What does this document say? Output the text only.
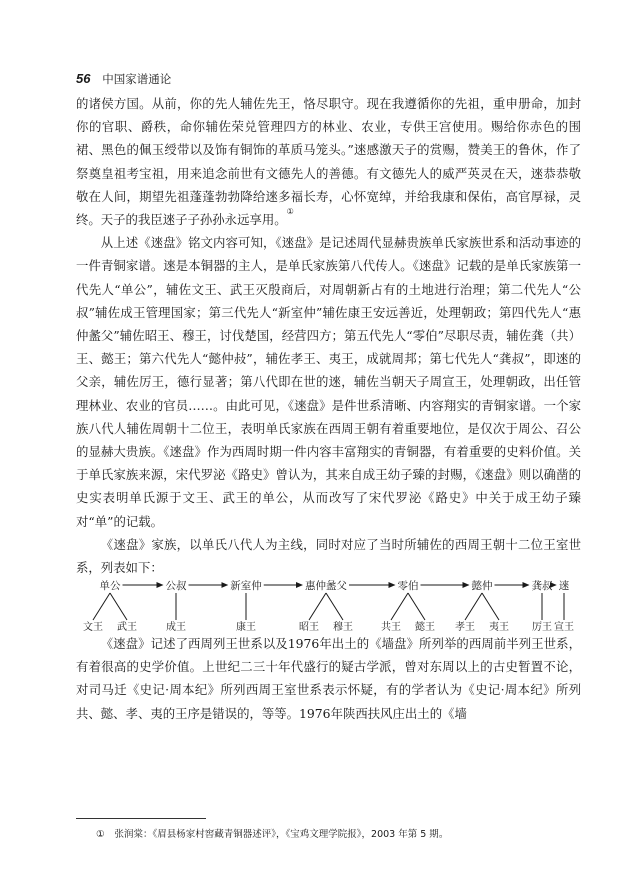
56 中国家谱通论

的诸侯方国。从前，你的先人辅佐先王，恪尽职守。现在我遵循你的先祖，重申册命，加封你的官职、爵秩，命你辅佐荣兑管理四方的林业、农业，专供王宫使用。赐给你赤色的围裙、黑色的佩玉绶带以及饰有铜饰的革质马笼头。”逨感激天子的赏赐，赞美王的鲁休，作了祭奠皇祖考宝祖，用来追念前世有文德先人的善德。有文德先人的威严英灵在天，逨恭恭敬敬在人间，期望先祖蓬蓬勃勃降给逨多福长寿，心怀宽绰，并给我康和保佑，高官厚禄，灵终。天子的我臣逨子子孙孙永远享用。①

从上述《逨盘》铭文内容可知，《逨盘》是记述周代显赫贵族单氏家族世系和活动事迹的一件青铜家谱。逨是本铜器的主人，是单氏家族第八代传人。《逨盘》记载的是单氏家族第一代先人“单公”，辅佐文王、武王灭殷商后，对周朝新占有的土地进行治理；第二代先人“公叔”辅佐成王管理国家；第三代先人“新室仲”辅佐康王安远善近，处理朝政；第四代先人“惠仲盠父”辅佐昭王、穆王，讨伐楚国，经营四方；第五代先人“零伯”尽职尽责，辅佐龚（共）王、懿王；第六代先人“懿仲敊”，辅佐孝王、夷王，成就周邦；第七代先人“龚叔”，即逨的父亲，辅佐厉王，德行显著；第八代即在世的逨，辅佐当朝天子周宣王，处理朝政，出任管理林业、农业的官员……。由此可见，《逨盘》是件世系清晰、内容翔实的青铜家谱。一个家族八代人辅佐周朝十二位王，表明单氏家族在西周王朝有着重要地位，是仅次于周公、召公的显赫大贵族。《逨盘》作为西周时期一件内容丰富翔实的青铜器，有着重要的史料价值。关于单氏家族来源，宋代罗泌《路史》曾认为，其来自成王幼子臻的封赐，《逨盘》则以确凿的史实表明单氏源于文王、武王的单公，从而改写了宋代罗泌《路史》中关于成王幼子臻对“单”的记载。

《逨盘》家族，以单氏八代人为主线，同时对应了当时所辅佐的西周王朝十二位王室世系，列表如下：

单公
文王 武王
公叔
成王
新室仲
康王
惠仲盠父
昭王 穆王
零伯
共王 懿王
懿仲
孝王 夷王
龚叔
厉王
逨
宣王

《逨盘》记述了西周列王世系以及1976年出土的《墙盘》所列举的西周前半列王世系，有着很高的史学价值。上世纪二三十年代盛行的疑古学派，曾对东周以上的古史暂置不论，对司马迁《史记·周本纪》所列西周王室世系表示怀疑，有的学者认为《史记·周本纪》所列共、懿、孝、夷的王序是错误的，等等。1976年陕西扶风庄出土的《墙

① 张润棠：《眉县杨家村窖藏青铜器述评》，《宝鸡文理学院报》，2003 年第 5 期。
